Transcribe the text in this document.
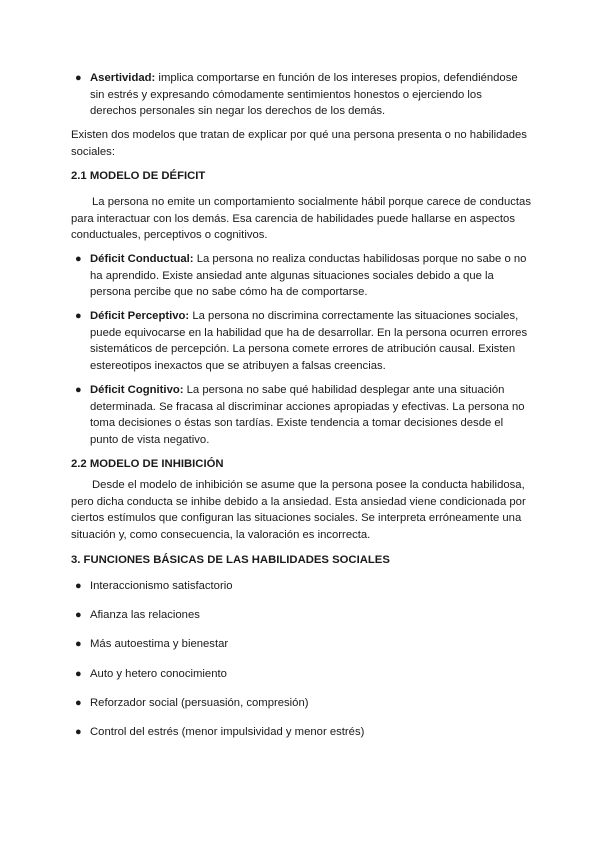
● Asertividad: implica comportarse en función de los intereses propios, defendiéndose sin estrés y expresando cómodamente sentimientos honestos o ejerciendo los derechos personales sin negar los derechos de los demás.
Existen dos modelos que tratan de explicar por qué una persona presenta o no habilidades sociales:
2.1 MODELO DE DÉFICIT
La persona no emite un comportamiento socialmente hábil porque carece de conductas para interactuar con los demás. Esa carencia de habilidades puede hallarse en aspectos conductuales, perceptivos o cognitivos.
● Déficit Conductual: La persona no realiza conductas habilidosas porque no sabe o no ha aprendido. Existe ansiedad ante algunas situaciones sociales debido a que la persona percibe que no sabe cómo ha de comportarse.
● Déficit Perceptivo: La persona no discrimina correctamente las situaciones sociales, puede equivocarse en la habilidad que ha de desarrollar. En la persona ocurren errores sistemáticos de percepción. La persona comete errores de atribución causal. Existen estereotipos inexactos que se atribuyen a falsas creencias.
● Déficit Cognitivo: La persona no sabe qué habilidad desplegar ante una situación determinada. Se fracasa al discriminar acciones apropiadas y efectivas. La persona no toma decisiones o éstas son tardías. Existe tendencia a tomar decisiones desde el punto de vista negativo.
2.2 MODELO DE INHIBICIÓN
Desde el modelo de inhibición se asume que la persona posee la conducta habilidosa, pero dicha conducta se inhibe debido a la ansiedad. Esta ansiedad viene condicionada por ciertos estímulos que configuran las situaciones sociales. Se interpreta erróneamente una situación y, como consecuencia, la valoración es incorrecta.
3. FUNCIONES BÁSICAS DE LAS HABILIDADES SOCIALES
● Interaccionismo satisfactorio
● Afianza las relaciones
● Más autoestima y bienestar
● Auto y hetero conocimiento
● Reforzador social (persuasión, compresión)
● Control del estrés (menor impulsividad y menor estrés)
